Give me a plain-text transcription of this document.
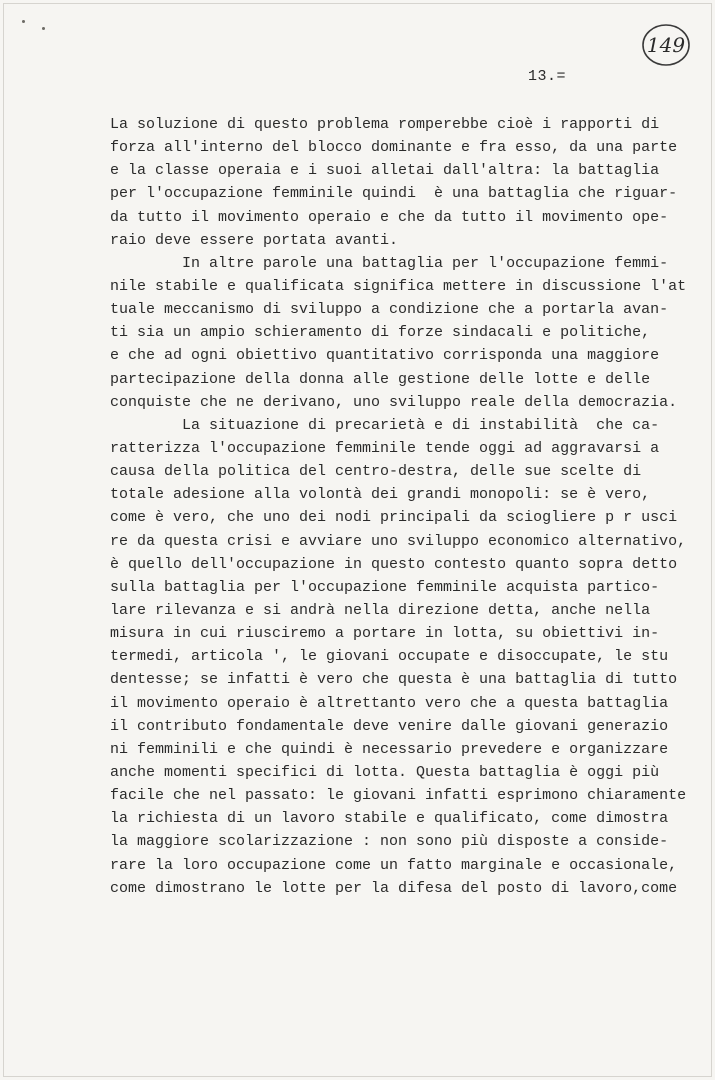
149
13.=
La soluzione di questo problema romperebbe cioè i rapporti di
forza all'interno del blocco dominante e fra esso, da una parte
e la classe operaia e i suoi alletai dall'altra: la battaglia
per l'occupazione femminile quindi  è una battaglia che riguar-
da tutto il movimento operaio e che da tutto il movimento ope-
raio deve essere portata avanti.
In altre parole una battaglia per l'occupazione femmi-
nile stabile e qualificata significa mettere in discussione l'at
tuale meccanismo di sviluppo a condizione che a portarla avan-
ti sia un ampio schieramento di forze sindacali e politiche,
e che ad ogni obiettivo quantitativo corrisponda una maggiore
partecipazione della donna alle gestione delle lotte e delle
conquiste che ne derivano, uno sviluppo reale della democrazia.
La situazione di precarietà e di instabilità  che ca-
ratterizza l'occupazione femminile tende oggi ad aggravarsi a
causa della politica del centro-destra, delle sue scelte di
totale adesione alla volontà dei grandi monopoli: se è vero,
come è vero, che uno dei nodi principali da sciogliere p r usci
re da questa crisi e avviare uno sviluppo economico alternativo,
è quello dell'occupazione in questo contesto quanto sopra detto
sulla battaglia per l'occupazione femminile acquista partico-
lare rilevanza e si andrà nella direzione detta, anche nella
misura in cui riusciremo a portare in lotta, su obiettivi in-
termedi, articola ', le giovani occupate e disoccupate, le stu
dentesse; se infatti è vero che questa è una battaglia di tutto
il movimento operaio è altrettanto vero che a questa battaglia
il contributo fondamentale deve venire dalle giovani generazio
ni femminili e che quindi è necessario prevedere e organizzare
anche momenti specifici di lotta. Questa battaglia è oggi più
facile che nel passato: le giovani infatti esprimono chiaramente
la richiesta di un lavoro stabile e qualificato, come dimostra
la maggiore scolarizzazione : non sono più disposte a conside-
rare la loro occupazione come un fatto marginale e occasionale,
come dimostrano le lotte per la difesa del posto di lavoro,come
